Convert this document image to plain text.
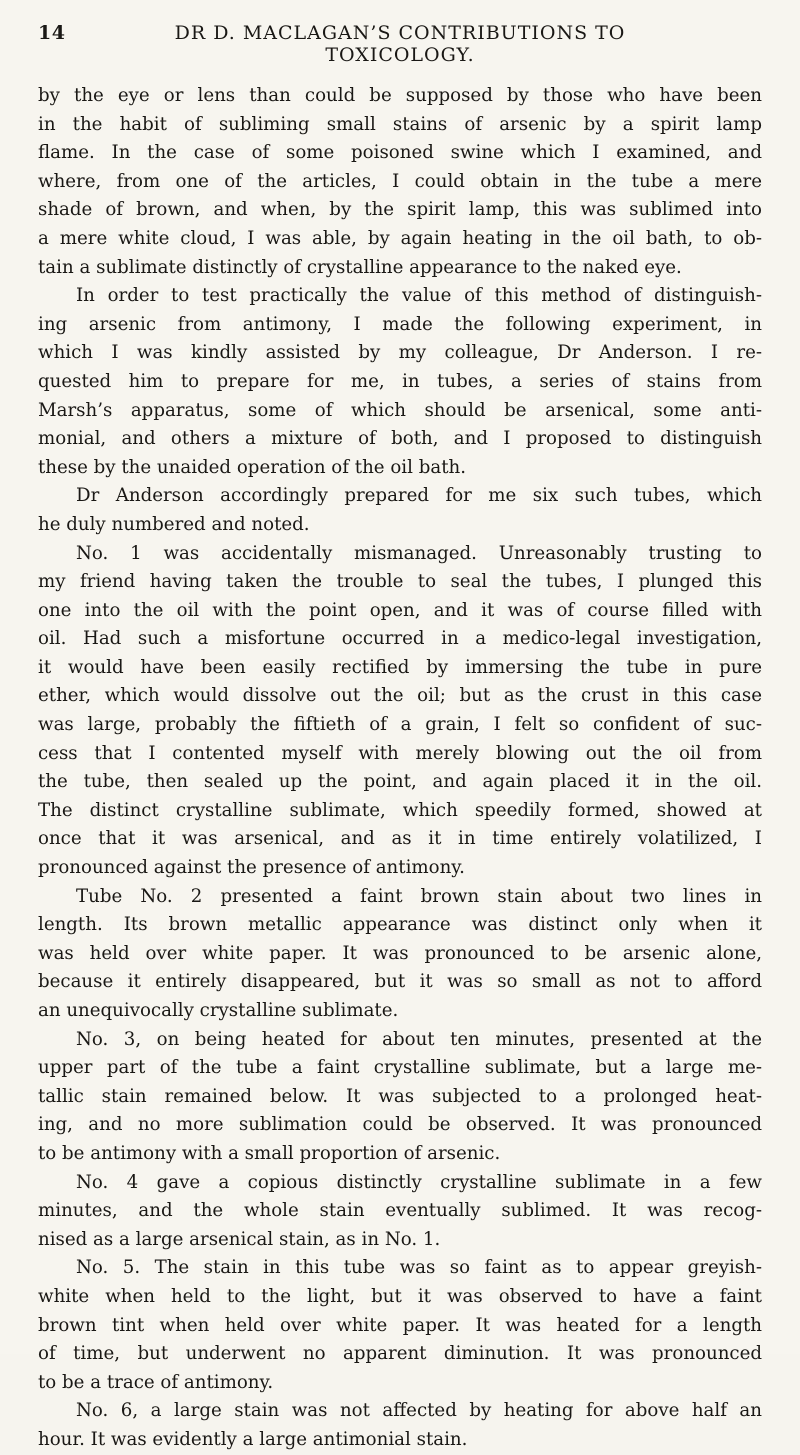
14	DR D. MACLAGAN’S CONTRIBUTIONS TO TOXICOLOGY.
by the eye or lens than could be supposed by those who have been
in the habit of subliming small stains of arsenic by a spirit lamp
flame. In the case of some poisoned swine which I examined, and
where, from one of the articles, I could obtain in the tube a mere
shade of brown, and when, by the spirit lamp, this was sublimed into
a mere white cloud, I was able, by again heating in the oil bath, to ob-
tain a sublimate distinctly of crystalline appearance to the naked eye.
In order to test practically the value of this method of distinguish-
ing arsenic from antimony, I made the following experiment, in
which I was kindly assisted by my colleague, Dr Anderson. I re-
quested him to prepare for me, in tubes, a series of stains from
Marsh’s apparatus, some of which should be arsenical, some anti-
monial, and others a mixture of both, and I proposed to distinguish
these by the unaided operation of the oil bath.
Dr Anderson accordingly prepared for me six such tubes, which
he duly numbered and noted.
No. 1 was accidentally mismanaged. Unreasonably trusting to
my friend having taken the trouble to seal the tubes, I plunged this
one into the oil with the point open, and it was of course filled with
oil. Had such a misfortune occurred in a medico-legal investigation,
it would have been easily rectified by immersing the tube in pure
ether, which would dissolve out the oil; but as the crust in this case
was large, probably the fiftieth of a grain, I felt so confident of suc-
cess that I contented myself with merely blowing out the oil from
the tube, then sealed up the point, and again placed it in the oil.
The distinct crystalline sublimate, which speedily formed, showed at
once that it was arsenical, and as it in time entirely volatilized, I
pronounced against the presence of antimony.
Tube No. 2 presented a faint brown stain about two lines in
length. Its brown metallic appearance was distinct only when it
was held over white paper. It was pronounced to be arsenic alone,
because it entirely disappeared, but it was so small as not to afford
an unequivocally crystalline sublimate.
No. 3, on being heated for about ten minutes, presented at the
upper part of the tube a faint crystalline sublimate, but a large me-
tallic stain remained below. It was subjected to a prolonged heat-
ing, and no more sublimation could be observed. It was pronounced
to be antimony with a small proportion of arsenic.
No. 4 gave a copious distinctly crystalline sublimate in a few
minutes, and the whole stain eventually sublimed. It was recog-
nised as a large arsenical stain, as in No. 1.
No. 5. The stain in this tube was so faint as to appear greyish-
white when held to the light, but it was observed to have a faint
brown tint when held over white paper. It was heated for a length
of time, but underwent no apparent diminution. It was pronounced
to be a trace of antimony.
No. 6, a large stain was not affected by heating for above half an
hour. It was evidently a large antimonial stain.
